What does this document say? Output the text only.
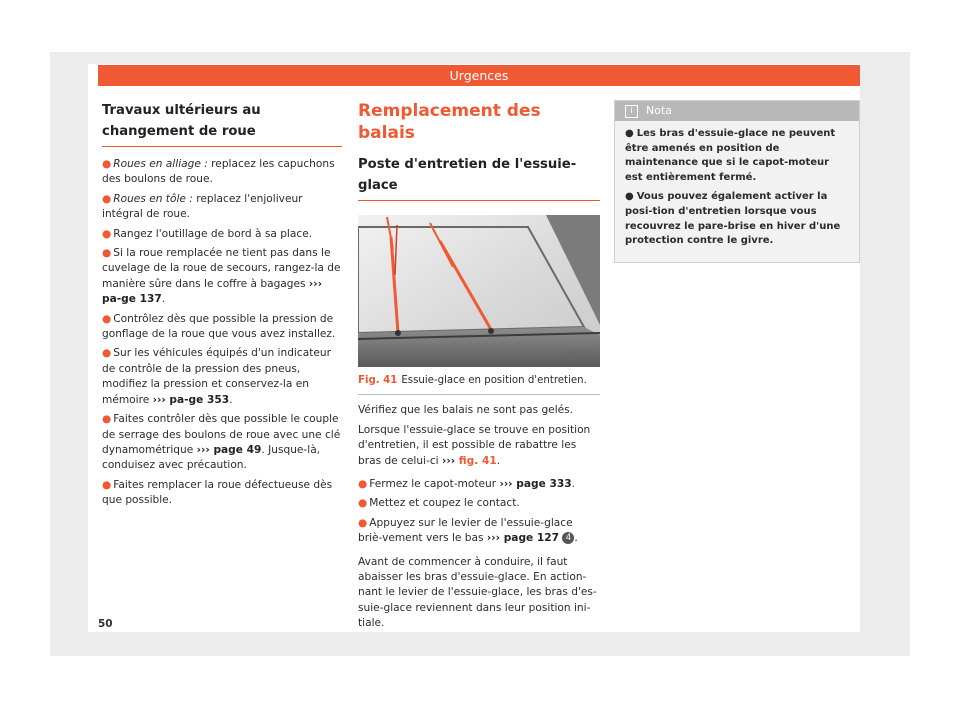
Urgences

Travaux ultérieurs au changement de roue

● Roues en alliage : replacez les capuchons des boulons de roue.

● Roues en tôle : replacez l'enjoliveur intégral de roue.

● Rangez l'outillage de bord à sa place.

● Si la roue remplacée ne tient pas dans le cuvelage de la roue de secours, rangez-la de manière sûre dans le coffre à bagages ››› pa-ge 137.

● Contrôlez dès que possible la pression de gonflage de la roue que vous avez installez.

● Sur les véhicules équipés d'un indicateur de contrôle de la pression des pneus, modifiez la pression et conservez-la en mémoire ››› pa-ge 353.

● Faites contrôler dès que possible le couple de serrage des boulons de roue avec une clé dynamométrique ››› page 49. Jusque-là, conduisez avec précaution.

● Faites remplacer la roue défectueuse dès que possible.

Remplacement des balais

Poste d'entretien de l'essuie-glace

SKJ-0177
Fig. 41 Essuie-glace en position d'entretien.

Vérifiez que les balais ne sont pas gelés.

Lorsque l'essuie-glace se trouve en position d'entretien, il est possible de rabattre les bras de celui-ci ››› fig. 41.

● Fermez le capot-moteur ››› page 333.

● Mettez et coupez le contact.

● Appuyez sur le levier de l'essuie-glace briè-vement vers le bas ››› page 127 4 .

Avant de commencer à conduire, il faut abaisser les bras d'essuie-glace. En action-nant le levier de l'essuie-glace, les bras d'es-suie-glace reviennent dans leur position ini-tiale.

i Nota

● Les bras d'essuie-glace ne peuvent être amenés en position de maintenance que si le capot-moteur est entièrement fermé.

● Vous pouvez également activer la posi-tion d'entretien lorsque vous recouvrez le pare-brise en hiver d'une protection contre le givre.

50
